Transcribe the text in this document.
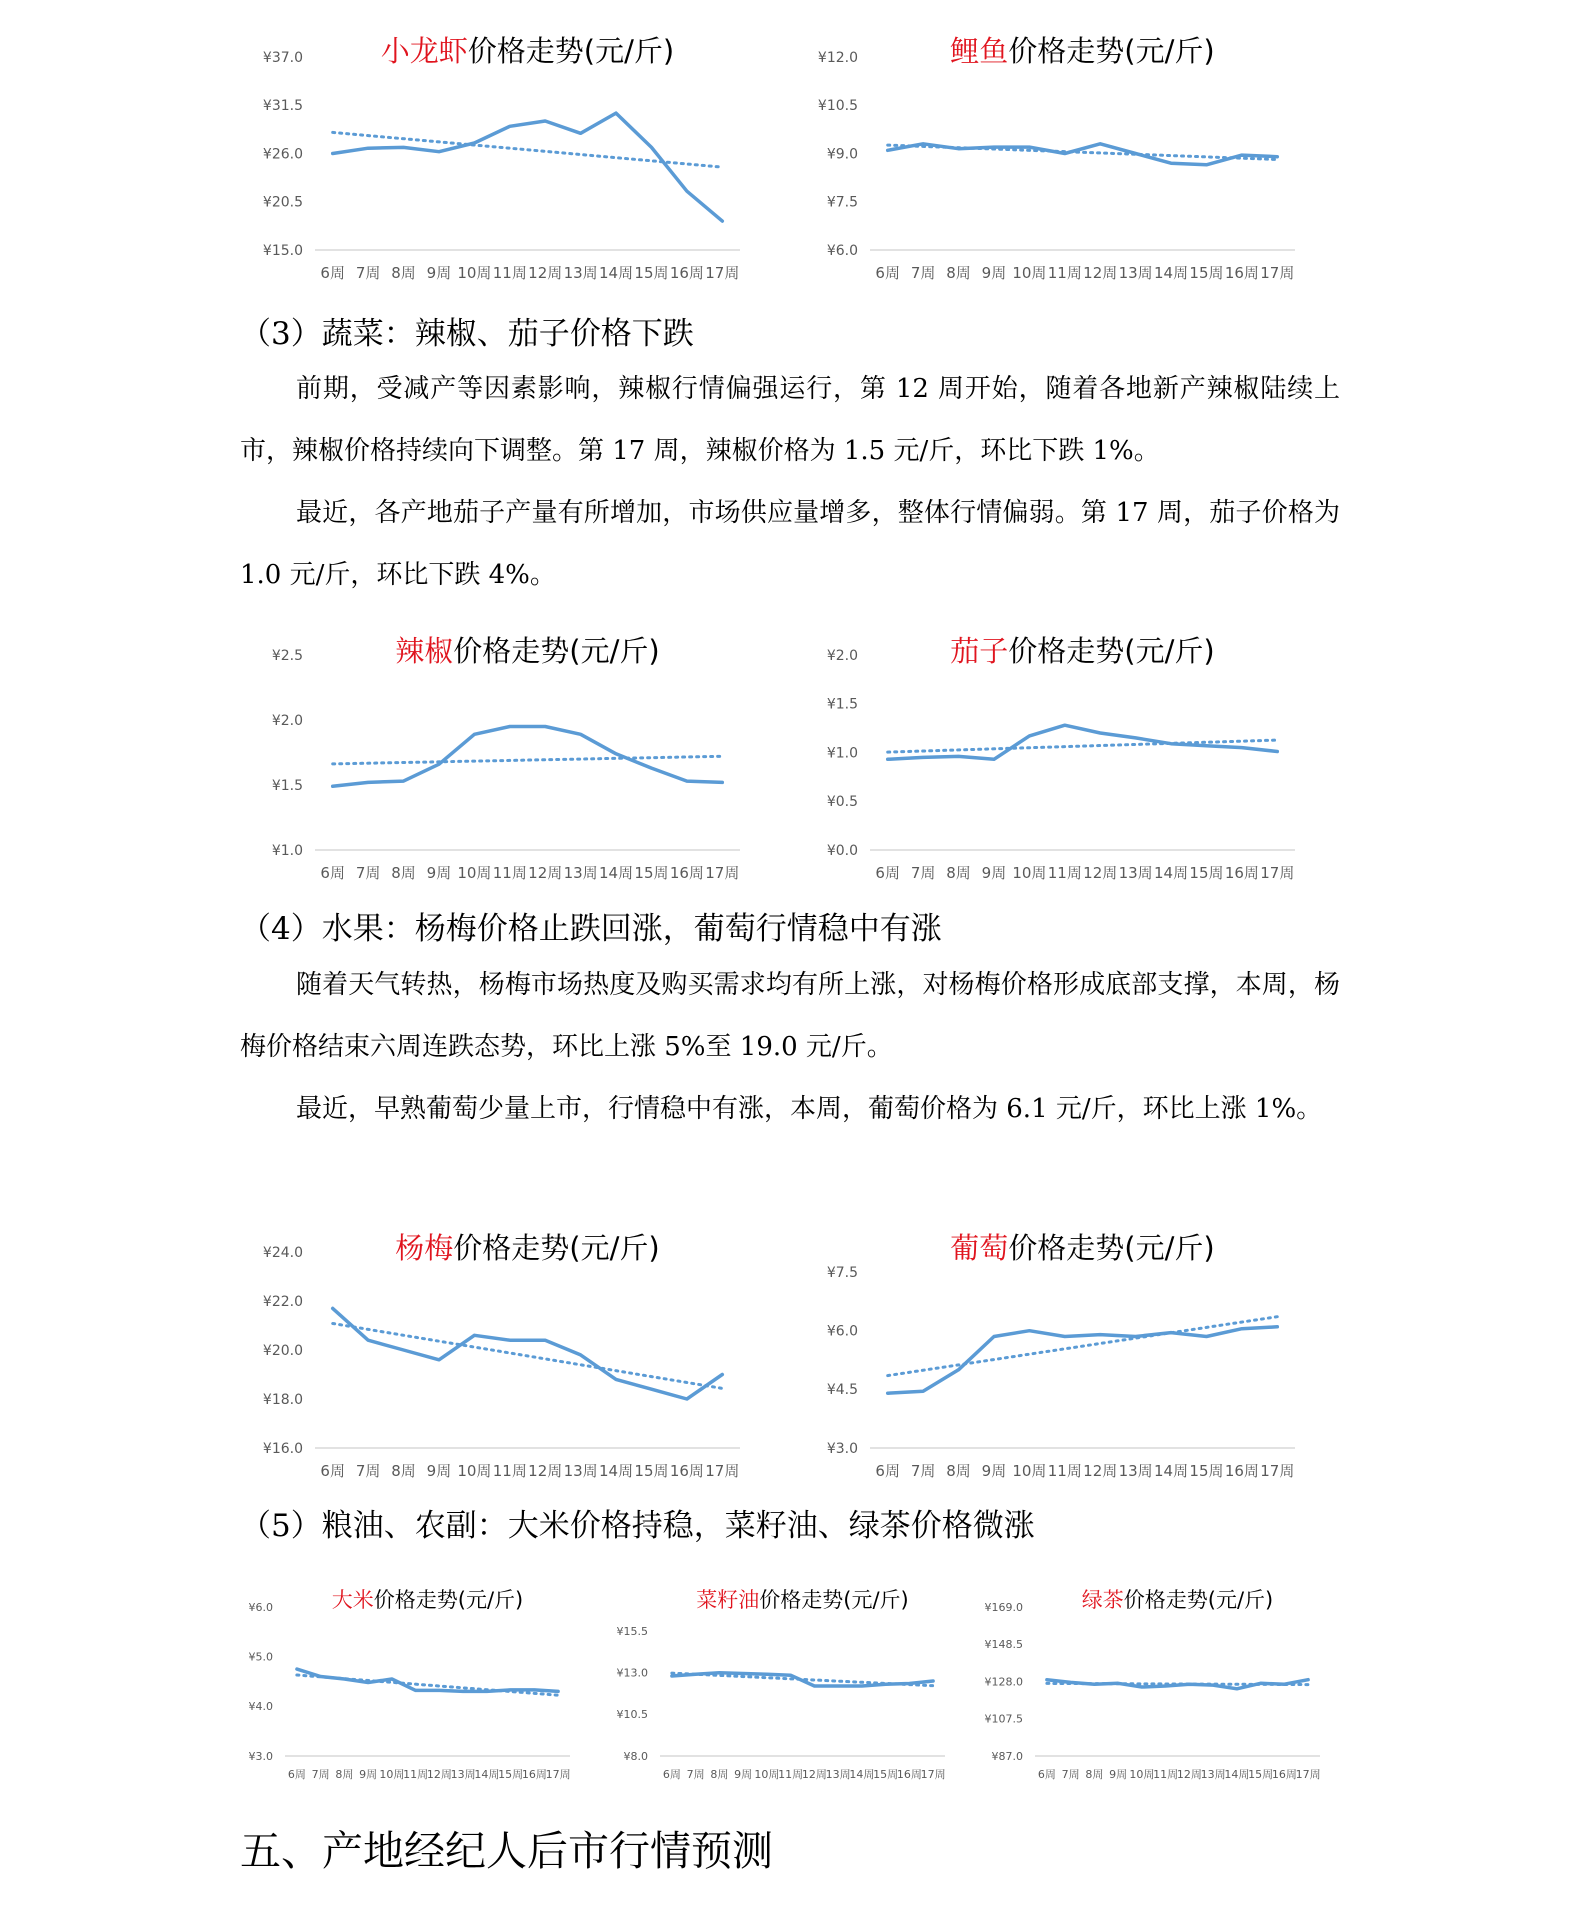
小龙虾价格走势(元/斤)
¥37.0
¥31.5
¥26.0
¥20.5
¥15.0
6周 7周 8周 9周 10周 11周 12周 13周 14周 15周 16周 17周
鲤鱼价格走势(元/斤)
¥12.0
¥10.5
¥9.0
¥7.5
¥6.0
6周 7周 8周 9周 10周 11周 12周 13周 14周 15周 16周 17周
（3）蔬菜：辣椒、茄子价格下跌

前期，受减产等因素影响，辣椒行情偏强运行，第 12 周开始，随着各地新产辣椒陆续上市，辣椒价格持续向下调整。第 17 周，辣椒价格为 1.5 元/斤，环比下跌 1%。

最近，各产地茄子产量有所增加，市场供应量增多，整体行情偏弱。第 17 周，茄子价格为 1.0 元/斤，环比下跌 4%。

辣椒价格走势(元/斤)
¥2.5
¥2.0
¥1.5
¥1.0
6周 7周 8周 9周 10周 11周 12周 13周 14周 15周 16周 17周
茄子价格走势(元/斤)
¥2.0
¥1.5
¥1.0
¥0.5
¥0.0
6周 7周 8周 9周 10周 11周 12周 13周 14周 15周 16周 17周
（4）水果：杨梅价格止跌回涨，葡萄行情稳中有涨

随着天气转热，杨梅市场热度及购买需求均有所上涨，对杨梅价格形成底部支撑，本周，杨梅价格结束六周连跌态势，环比上涨 5%至 19.0 元/斤。

最近，早熟葡萄少量上市，行情稳中有涨，本周，葡萄价格为 6.1 元/斤，环比上涨 1%。

杨梅价格走势(元/斤)
¥24.0
¥22.0
¥20.0
¥18.0
¥16.0
6周 7周 8周 9周 10周 11周 12周 13周 14周 15周 16周 17周
葡萄价格走势(元/斤)
¥7.5
¥6.0
¥4.5
¥3.0
6周 7周 8周 9周 10周 11周 12周 13周 14周 15周 16周 17周
（5）粮油、农副：大米价格持稳，菜籽油、绿茶价格微涨
大米价格走势(元/斤)
¥6.0
¥5.0
¥4.0
¥3.0
6周 7周 8周 9周 10周
11周
12周
13周
14周
15周
16周
17周
菜籽油价格走势(元/斤)
¥15.5
¥13.0
¥10.5
¥8.0
6周 7周 8周 9周 10周
11周
12周
13周
14周
15周
16周
17周
绿茶价格走势(元/斤)
¥169.0
¥148.5
¥128.0
¥107.5
¥87.0
6周 7周 8周 9周 10周
11周
12周
13周
14周
15周
16周
17周
五、产地经纪人后市行情预测
